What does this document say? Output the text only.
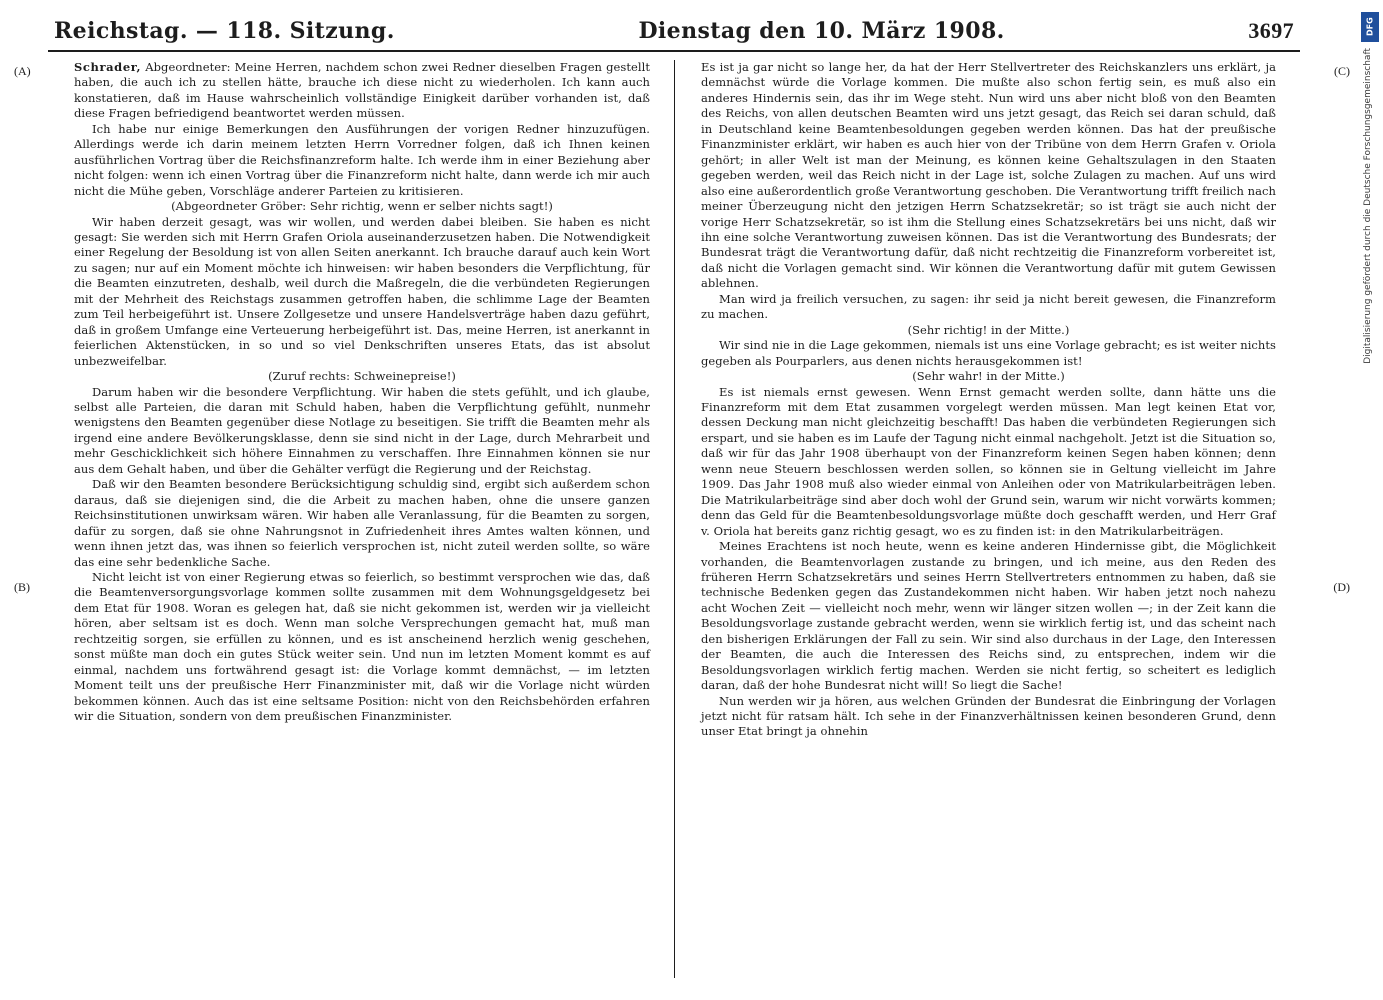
Reichstag. — 118. Sitzung.	Dienstag den 10. März 1908.	3697
(A)
(B)

Schrader, Abgeordneter: Meine Herren, nachdem schon zwei Redner dieselben Fragen gestellt haben, die auch ich zu stellen hätte, brauche ich diese nicht zu wiederholen. Ich kann auch konstatieren, daß im Hause wahrscheinlich vollständige Einigkeit darüber vorhanden ist, daß diese Fragen befriedigend beantwortet werden müssen.

Ich habe nur einige Bemerkungen den Ausführungen der vorigen Redner hinzuzufügen. Allerdings werde ich darin meinem letzten Herrn Vorredner folgen, daß ich Ihnen keinen ausführlichen Vortrag über die Reichsfinanzreform halte. Ich werde ihm in einer Beziehung aber nicht folgen: wenn ich einen Vortrag über die Finanzreform nicht halte, dann werde ich mir auch nicht die Mühe geben, Vorschläge anderer Parteien zu kritisieren.

(Abgeordneter Gröber: Sehr richtig, wenn er selber nichts sagt!)

Wir haben derzeit gesagt, was wir wollen, und werden dabei bleiben. Sie haben es nicht gesagt: Sie werden sich mit Herrn Grafen Oriola auseinanderzusetzen haben. Die Notwendigkeit einer Regelung der Besoldung ist von allen Seiten anerkannt. Ich brauche darauf auch kein Wort zu sagen; nur auf ein Moment möchte ich hinweisen: wir haben besonders die Verpflichtung, für die Beamten einzutreten, deshalb, weil durch die Maßregeln, die die verbündeten Regierungen mit der Mehrheit des Reichstags zusammen getroffen haben, die schlimme Lage der Beamten zum Teil herbeigeführt ist. Unsere Zollgesetze und unsere Handelsverträge haben dazu geführt, daß in großem Umfange eine Verteuerung herbeigeführt ist. Das, meine Herren, ist anerkannt in feierlichen Aktenstücken, in so und so viel Denkschriften unseres Etats, das ist absolut unbezweifelbar.

(Zuruf rechts: Schweinepreise!)

Darum haben wir die besondere Verpflichtung. Wir haben die stets gefühlt, und ich glaube, selbst alle Parteien, die daran mit Schuld haben, haben die Verpflichtung gefühlt, nunmehr wenigstens den Beamten gegenüber diese Notlage zu beseitigen. Sie trifft die Beamten mehr als irgend eine andere Bevölkerungsklasse, denn sie sind nicht in der Lage, durch Mehrarbeit und mehr Geschicklichkeit sich höhere Einnahmen zu verschaffen. Ihre Einnahmen können sie nur aus dem Gehalt haben, und über die Gehälter verfügt die Regierung und der Reichstag.

Daß wir den Beamten besondere Berücksichtigung schuldig sind, ergibt sich außerdem schon daraus, daß sie diejenigen sind, die die Arbeit zu machen haben, ohne die unsere ganzen Reichsinstitutionen unwirksam wären. Wir haben alle Veranlassung, für die Beamten zu sorgen, dafür zu sorgen, daß sie ohne Nahrungsnot in Zufriedenheit ihres Amtes walten können, und wenn ihnen jetzt das, was ihnen so feierlich versprochen ist, nicht zuteil werden sollte, so wäre das eine sehr bedenkliche Sache.

Nicht leicht ist von einer Regierung etwas so feierlich, so bestimmt versprochen wie das, daß die Beamtenversorgungsvorlage kommen sollte zusammen mit dem Wohnungsgeldgesetz bei dem Etat für 1908. Woran es gelegen hat, daß sie nicht gekommen ist, werden wir ja vielleicht hören, aber seltsam ist es doch. Wenn man solche Versprechungen gemacht hat, muß man rechtzeitig sorgen, sie erfüllen zu können, und es ist anscheinend herzlich wenig geschehen, sonst müßte man doch ein gutes Stück weiter sein. Und nun im letzten Moment kommt es auf einmal, nachdem uns fortwährend gesagt ist: die Vorlage kommt demnächst, — im letzten Moment teilt uns der preußische Herr Finanzminister mit, daß wir die Vorlage nicht würden bekommen können. Auch das ist eine seltsame Position: nicht von den Reichsbehörden erfahren wir die Situation, sondern von dem preußischen Finanzminister.

(C)
(D)

Es ist ja gar nicht so lange her, da hat der Herr Stellvertreter des Reichskanzlers uns erklärt, ja demnächst würde die Vorlage kommen. Die mußte also schon fertig sein, es muß also ein anderes Hindernis sein, das ihr im Wege steht. Nun wird uns aber nicht bloß von den Beamten des Reichs, von allen deutschen Beamten wird uns jetzt gesagt, das Reich sei daran schuld, daß in Deutschland keine Beamtenbesoldungen gegeben werden können. Das hat der preußische Finanzminister erklärt, wir haben es auch hier von der Tribüne von dem Herrn Grafen v. Oriola gehört; in aller Welt ist man der Meinung, es können keine Gehaltszulagen in den Staaten gegeben werden, weil das Reich nicht in der Lage ist, solche Zulagen zu machen. Auf uns wird also eine außerordentlich große Verantwortung geschoben. Die Verantwortung trifft freilich nach meiner Überzeugung nicht den jetzigen Herrn Schatzsekretär; so ist trägt sie auch nicht der vorige Herr Schatzsekretär, so ist ihm die Stellung eines Schatzsekretärs bei uns nicht, daß wir ihn eine solche Verantwortung zuweisen können. Das ist die Verantwortung des Bundesrats; der Bundesrat trägt die Verantwortung dafür, daß nicht rechtzeitig die Finanzreform vorbereitet ist, daß nicht die Vorlagen gemacht sind. Wir können die Verantwortung dafür mit gutem Gewissen ablehnen.

Man wird ja freilich versuchen, zu sagen: ihr seid ja nicht bereit gewesen, die Finanzreform zu machen.

(Sehr richtig! in der Mitte.)

Wir sind nie in die Lage gekommen, niemals ist uns eine Vorlage gebracht; es ist weiter nichts gegeben als Pourparlers, aus denen nichts herausgekommen ist!

(Sehr wahr! in der Mitte.)

Es ist niemals ernst gewesen. Wenn Ernst gemacht werden sollte, dann hätte uns die Finanzreform mit dem Etat zusammen vorgelegt werden müssen. Man legt keinen Etat vor, dessen Deckung man nicht gleichzeitig beschafft! Das haben die verbündeten Regierungen sich erspart, und sie haben es im Laufe der Tagung nicht einmal nachgeholt. Jetzt ist die Situation so, daß wir für das Jahr 1908 überhaupt von der Finanzreform keinen Segen haben können; denn wenn neue Steuern beschlossen werden sollen, so können sie in Geltung vielleicht im Jahre 1909. Das Jahr 1908 muß also wieder einmal von Anleihen oder von Matrikularbeiträgen leben. Die Matrikularbeiträge sind aber doch wohl der Grund sein, warum wir nicht vorwärts kommen; denn das Geld für die Beamtenbesoldungsvorlage müßte doch geschafft werden, und Herr Graf v. Oriola hat bereits ganz richtig gesagt, wo es zu finden ist: in den Matrikularbeiträgen.

Meines Erachtens ist noch heute, wenn es keine anderen Hindernisse gibt, die Möglichkeit vorhanden, die Beamtenvorlagen zustande zu bringen, und ich meine, aus den Reden des früheren Herrn Schatzsekretärs und seines Herrn Stellvertreters entnommen zu haben, daß sie technische Bedenken gegen das Zustandekommen nicht haben. Wir haben jetzt noch nahezu acht Wochen Zeit — vielleicht noch mehr, wenn wir länger sitzen wollen —; in der Zeit kann die Besoldungsvorlage zustande gebracht werden, wenn sie wirklich fertig ist, und das scheint nach den bisherigen Erklärungen der Fall zu sein. Wir sind also durchaus in der Lage, den Interessen der Beamten, die auch die Interessen des Reichs sind, zu entsprechen, indem wir die Besoldungsvorlagen wirklich fertig machen. Werden sie nicht fertig, so scheitert es lediglich daran, daß der hohe Bundesrat nicht will! So liegt die Sache!

Nun werden wir ja hören, aus welchen Gründen der Bundesrat die Einbringung der Vorlagen jetzt nicht für ratsam hält. Ich sehe in der Finanzverhältnissen keinen besonderen Grund, denn unser Etat bringt ja ohnehin

DFG
Digitalisierung gefördert durch die Deutsche Forschungsgemeinschaft
